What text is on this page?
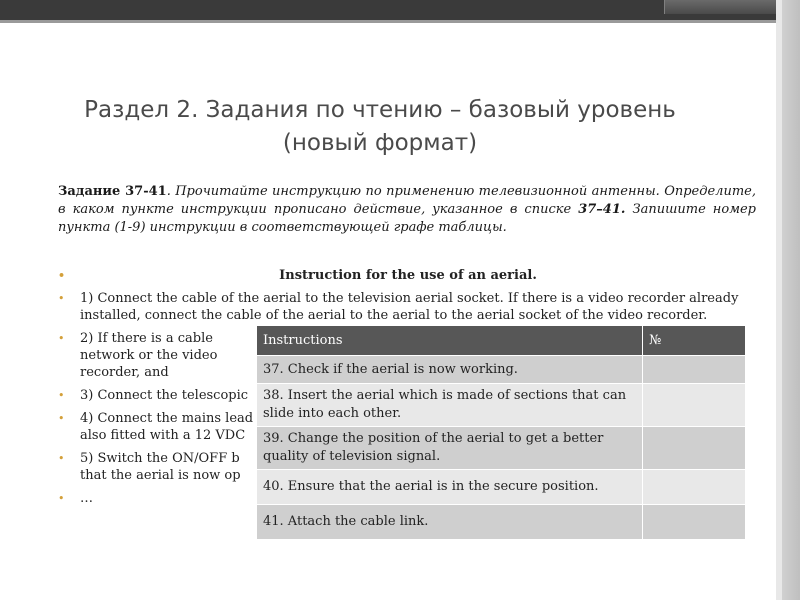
Раздел 2. Задания по чтению – базовый уровень
(новый формат)

Задание 37-41. Прочитайте инструкцию по применению телевизионной антенны. Определите, в каком пункте инструкции прописано действие, указанное в списке 37–41. Запишите номер пункта (1-9) инструкции в соответствующей графе таблицы.

•	Instruction for the use of an aerial.
• 1) Connect the cable of the aerial to the television aerial socket. If there is a video recorder already installed, connect the cable of the aerial to the aerial to the aerial socket of the video recorder.
• 2) If there is a cable network or the video recorder, and
• 3) Connect the telescopic
• 4) Connect the mains lead also fitted with a 12 VDC
• 5) Switch the ON/OFF b that the aerial is now op
• …
Instructions	№
37. Check if the aerial is now working.	
38. Insert the aerial which is made of sections that can slide into each other.	
39. Change the position of the aerial to get a better quality of television signal.	
40. Ensure that the aerial is in the secure position.	
41. Attach the cable link.	
